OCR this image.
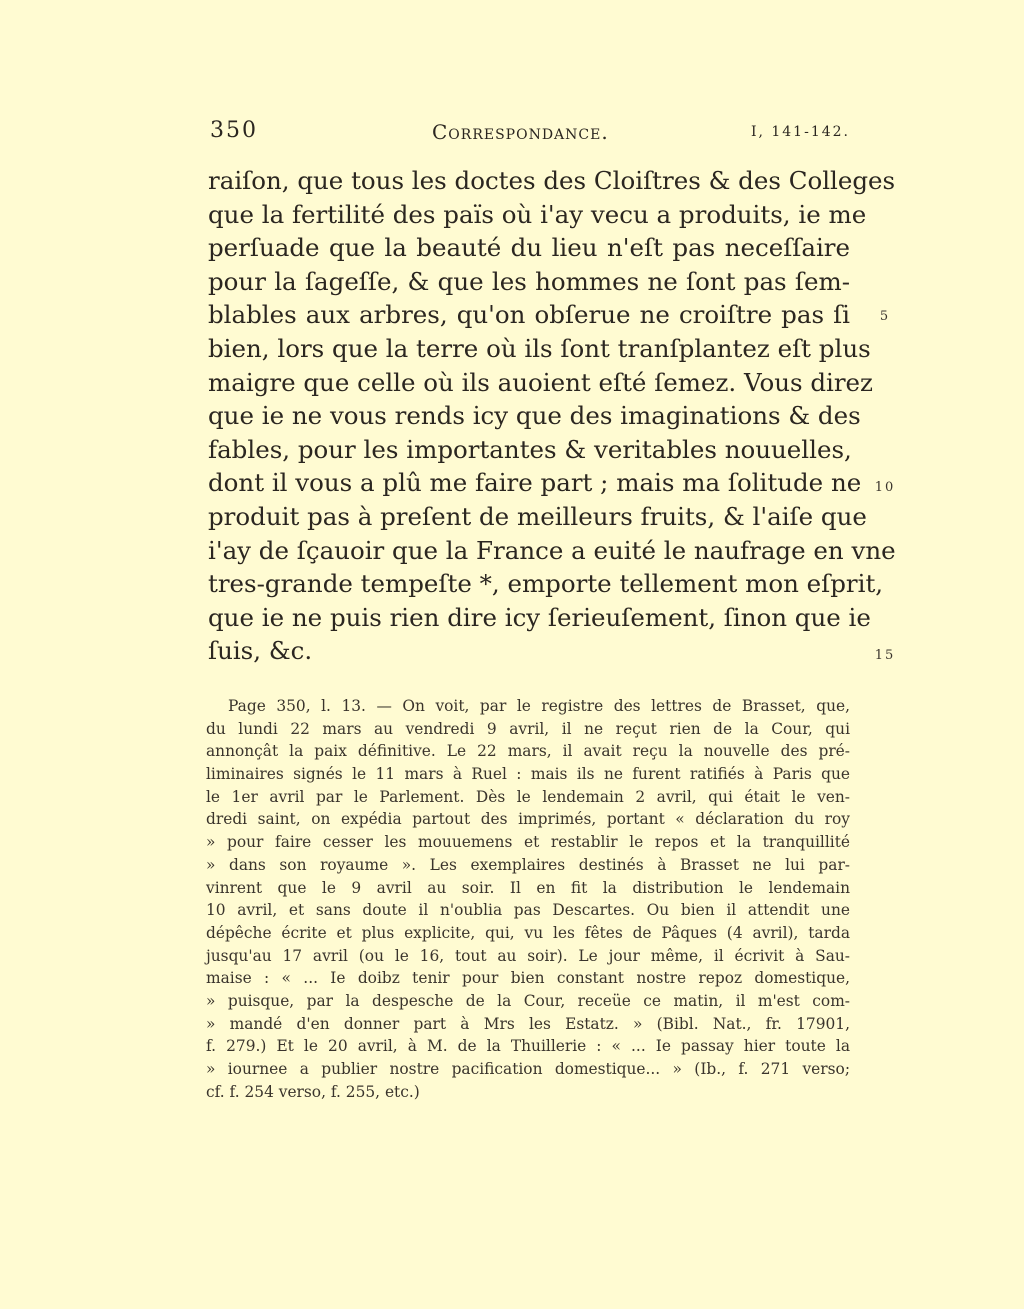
350	Correspondance.	I, 141-142.
raiſon, que tous les doctes des Cloiſtres & des Colleges
que la fertilité des païs où i'ay vecu a produits, ie me
perſuade que la beauté du lieu n'eſt pas neceſſaire
pour la ſageſſe, & que les hommes ne ſont pas ſem-
blables aux arbres, qu'on obſerue ne croiſtre pas ſi
bien, lors que la terre où ils ſont tranſplantez eſt plus
maigre que celle où ils auoient eſté ſemez. Vous direz
que ie ne vous rends icy que des imaginations & des
fables, pour les importantes & veritables nouuelles,
dont il vous a plû me faire part ; mais ma ſolitude ne
produit pas à preſent de meilleurs fruits, & l'aiſe que
i'ay de ſçauoir que la France a euité le naufrage en vne
tres-grande tempeſte *, emporte tellement mon eſprit,
que ie ne puis rien dire icy ſerieuſement, ſinon que ie
ſuis, &c.
5
10
15
Page 350, l. 13. — On voit, par le registre des lettres de Brasset, que,
du lundi 22 mars au vendredi 9 avril, il ne reçut rien de la Cour, qui
annonçât la paix définitive. Le 22 mars, il avait reçu la nouvelle des pré-
liminaires signés le 11 mars à Ruel : mais ils ne furent ratifiés à Paris que
le 1er avril par le Parlement. Dès le lendemain 2 avril, qui était le ven-
dredi saint, on expédia partout des imprimés, portant « déclaration du roy
» pour faire cesser les mouuemens et restablir le repos et la tranquillité
» dans son royaume ». Les exemplaires destinés à Brasset ne lui par-
vinrent que le 9 avril au soir. Il en fit la distribution le lendemain
10 avril, et sans doute il n'oublia pas Descartes. Ou bien il attendit une
dépêche écrite et plus explicite, qui, vu les fêtes de Pâques (4 avril), tarda
jusqu'au 17 avril (ou le 16, tout au soir). Le jour même, il écrivit à Sau-
maise : « ... Ie doibz tenir pour bien constant nostre repoz domestique,
» puisque, par la despesche de la Cour, receüe ce matin, il m'est com-
» mandé d'en donner part à Mrs les Estatz. » (Bibl. Nat., fr. 17901,
f. 279.) Et le 20 avril, à M. de la Thuillerie : « ... Ie passay hier toute la
» iournee a publier nostre pacification domestique... » (Ib., f. 271 verso;
cf. f. 254 verso, f. 255, etc.)
